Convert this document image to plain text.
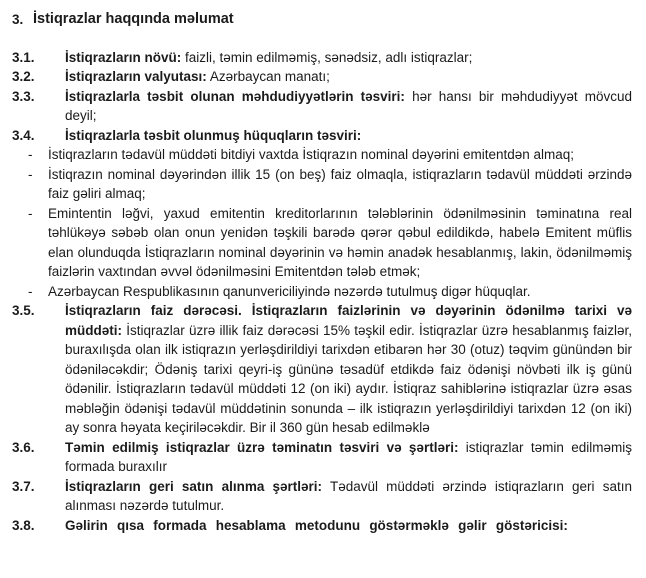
3. İstiqrazlar haqqında məlumat
3.1.	İstiqrazların növü: faizli, təmin edilməmiş, sənədsiz, adlı istiqrazlar;
3.2.	İstiqrazların valyutası: Azərbaycan manatı;
3.3.	İstiqrazlarla təsbit olunan məhdudiyyətlərin təsviri: hər hansı bir məhdudiyyət mövcud deyil;
3.4.	İstiqrazlarla təsbit olunmuş hüquqların təsviri:
-	İstiqrazların tədavül müddəti bitdiyi vaxtda İstiqrazın nominal dəyərini emitentdən almaq;
-	İstiqrazın nominal dəyərindən illik 15 (on beş) faiz olmaqla, istiqrazların tədavül müddəti ərzində faiz gəliri almaq;
-	Emintentin ləğvi, yaxud emitentin kreditorlarının tələblərinin ödənilməsinin təminatına real təhlükəyə səbəb olan onun yenidən təşkili barədə qərər qəbul edildikdə, habelə Emitent müflis elan olunduqda İstiqrazların nominal dəyərinin və həmin anadək hesablanmış, lakin, ödənilməmiş faizlərin vaxtından əvvəl ödənilməsini Emitentdən tələb etmək;
-	Azərbaycan Respublikasının qanunvericiliyində nəzərdə tutulmuş digər hüquqlar.
3.5.	İstiqrazların faiz dərəcəsi. İstiqrazların faizlərinin və dəyərinin ödənilmə tarixi və müddəti: İstiqrazlar üzrə illik faiz dərəcəsi 15% təşkil edir. İstiqrazlar üzrə hesablanmış faizlər, buraxılışda olan ilk istiqrazın yerləşdirildiyi tarixdən etibarən hər 30 (otuz) təqvim günündən bir ödəniləcəkdir; Ödəniş tarixi qeyri-iş gününə təsadüf etdikdə faiz ödənişi növbəti ilk iş günü ödənilir. İstiqrazların tədavül müddəti 12 (on iki) aydır. İstiqraz sahiblərinə istiqrazlar üzrə əsas məbləğin ödənişi tədavül müddətinin sonunda – ilk istiqrazın yerləşdirildiyi tarixdən 12 (on iki) ay sonra həyata keçiriləcəkdir. Bir il 360 gün hesab edilməklə
3.6.	Təmin edilmiş istiqrazlar üzrə təminatın təsviri və şərtləri: istiqrazlar təmin edilməmiş formada buraxılır
3.7.	İstiqrazların geri satın alınma şərtləri: Tədavül müddəti ərzində istiqrazların geri satın alınması nəzərdə tutulmur.
3.8.	Gəlirin qısa formada hesablama metodunu göstərməklə gəlir göstəricisi:
